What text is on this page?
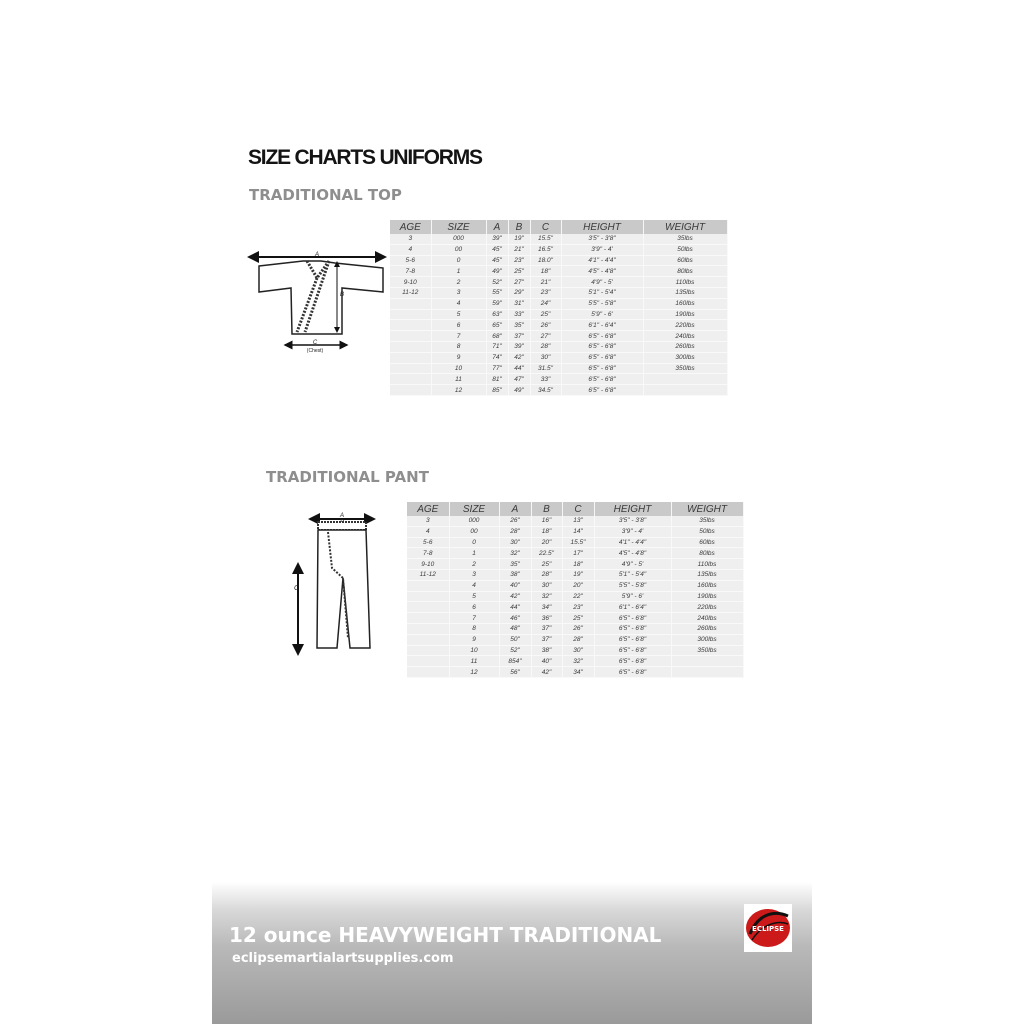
SIZE CHARTS UNIFORMS
TRADITIONAL TOP
A
B
C
(Chest)
AGE	SIZE	A	B	C	HEIGHT	WEIGHT
3	000	39"	19"	15.5"	3'5" - 3'8"	35lbs
4	00	45"	21"	16.5"	3'9" - 4'	50lbs
5-6	0	45"	23"	18.0"	4'1" - 4'4"	60lbs
7-8	1	49"	25"	18"	4'5" - 4'8"	80lbs
9-10	2	52"	27"	21"	4'9" - 5'	110lbs
11-12	3	55"	29"	23"	5'1" - 5'4"	135lbs
	4	59"	31"	24"	5'5" - 5'8"	160lbs
	5	63"	33"	25"	5'9" - 6'	190lbs
	6	65"	35"	26"	6'1" - 6'4"	220lbs
	7	68"	37"	27"	6'5" - 6'8"	240lbs
	8	71"	39"	28"	6'5" - 6'8"	260lbs
	9	74"	42"	30"	6'5" - 6'8"	300lbs
	10	77"	44"	31.5"	6'5" - 6'8"	350lbs
	11	81"	47"	33"	6'5" - 6'8"	
	12	85"	49"	34.5"	6'5" - 6'8"	
TRADITIONAL PANT
A
C
AGE	SIZE	A	B	C	HEIGHT	WEIGHT
3	000	26"	16"	13"	3'5" - 3'8"	35lbs
4	00	28"	18"	14"	3'9" - 4'	50lbs
5-6	0	30"	20"	15.5"	4'1" - 4'4"	60lbs
7-8	1	32"	22.5"	17"	4'5" - 4'8"	80lbs
9-10	2	35"	25"	18"	4'9" - 5'	110lbs
11-12	3	38"	28"	19"	5'1" - 5'4"	135lbs
	4	40"	30"	20"	5'5" - 5'8"	160lbs
	5	42"	32"	22"	5'9" - 6'	190lbs
	6	44"	34"	23"	6'1" - 6'4"	220lbs
	7	46"	36"	25"	6'5" - 6'8"	240lbs
	8	48"	37"	26"	6'5" - 6'8"	260lbs
	9	50"	37"	28"	6'5" - 6'8"	300lbs
	10	52"	38"	30"	6'5" - 6'8"	350lbs
	11	854"	40"	32"	6'5" - 6'8"	
	12	56"	42"	34"	6'5" - 6'8"	
12 ounce HEAVYWEIGHT TRADITIONAL
eclipsemartialartsupplies.com
ECLIPSE
